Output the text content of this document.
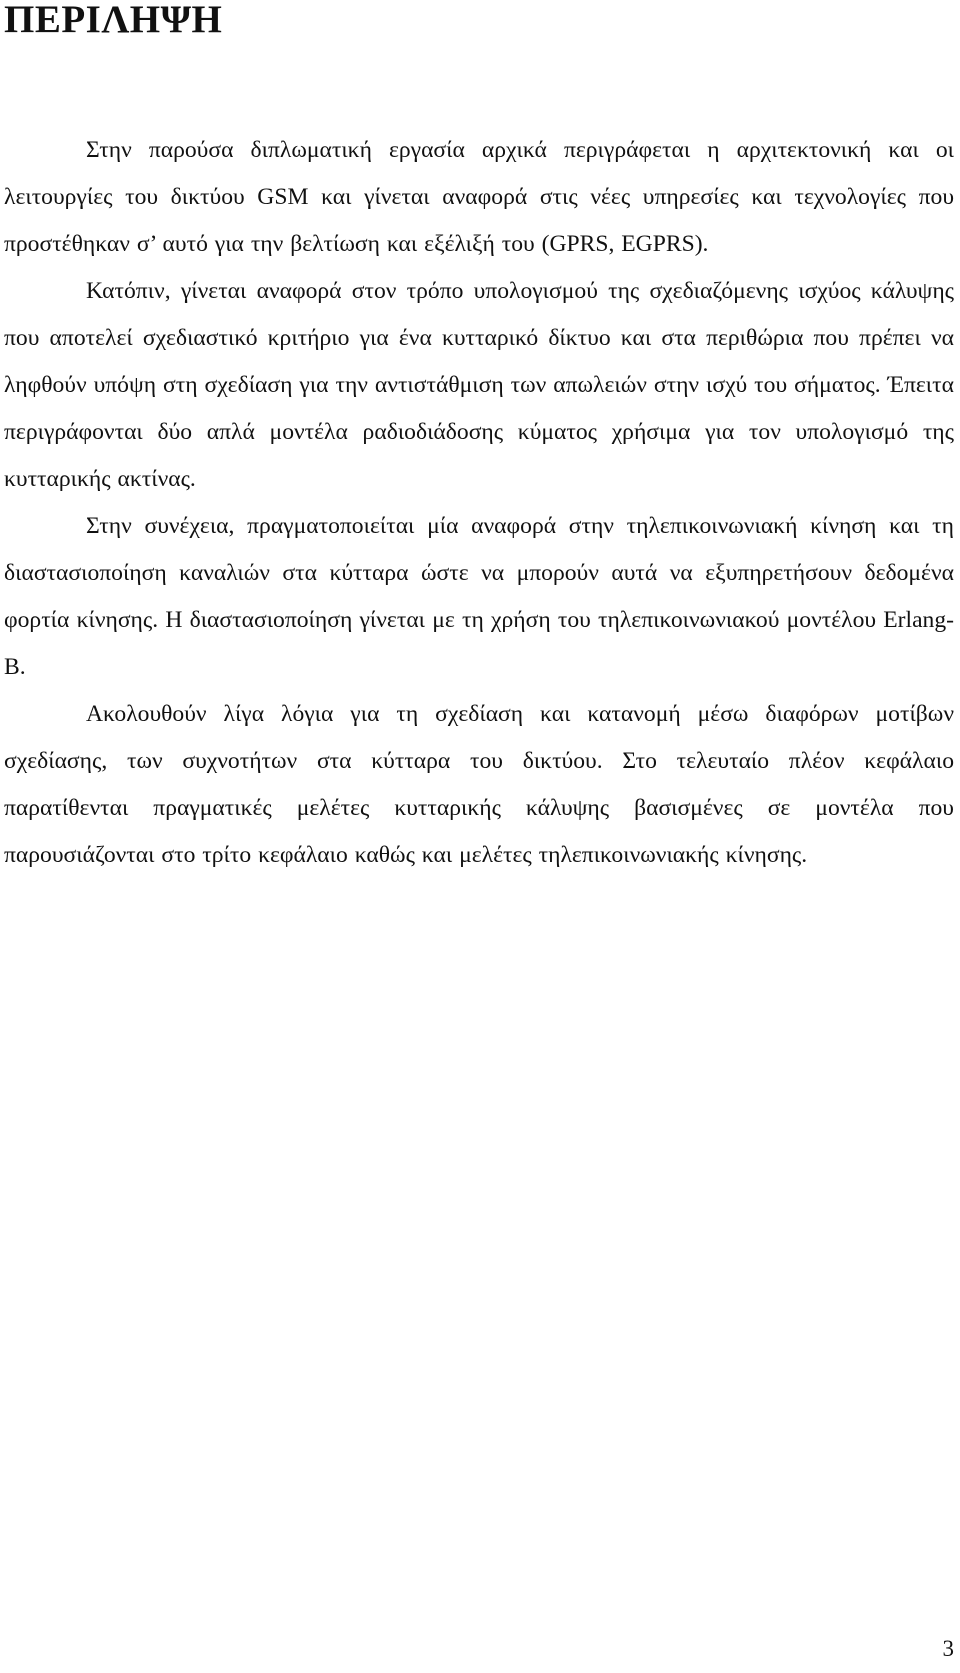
ΠΕΡΙΛΗΨΗ

Στην παρούσα διπλωματική εργασία αρχικά περιγράφεται η αρχιτεκτονική και οι λειτουργίες του δικτύου GSM και γίνεται αναφορά στις νέες υπηρεσίες και τεχνολογίες που προστέθηκαν σ’ αυτό για την βελτίωση και εξέλιξή του (GPRS, EGPRS).

Κατόπιν, γίνεται αναφορά στον τρόπο υπολογισμού της σχεδιαζόμενης ισχύος κάλυψης που αποτελεί σχεδιαστικό κριτήριο για ένα κυτταρικό δίκτυο και στα περιθώρια που πρέπει να ληφθούν υπόψη στη σχεδίαση για την αντιστάθμιση των απωλειών στην ισχύ του σήματος. Έπειτα περιγράφονται δύο απλά μοντέλα ραδιοδιάδοσης κύματος χρήσιμα για τον υπολογισμό της κυτταρικής ακτίνας.

Στην συνέχεια, πραγματοποιείται μία αναφορά στην τηλεπικοινωνιακή κίνηση και τη διαστασιοποίηση καναλιών στα κύτταρα ώστε να μπορούν αυτά να εξυπηρετήσουν δεδομένα φορτία κίνησης. Η διαστασιοποίηση γίνεται με τη χρήση του τηλεπικοινωνιακού μοντέλου Erlang-B.

Ακολουθούν λίγα λόγια για τη σχεδίαση και κατανομή μέσω διαφόρων μοτίβων σχεδίασης, των συχνοτήτων στα κύτταρα του δικτύου. Στο τελευταίο πλέον κεφάλαιο παρατίθενται πραγματικές μελέτες κυτταρικής κάλυψης βασισμένες σε μοντέλα που παρουσιάζονται στο τρίτο κεφάλαιο καθώς και μελέτες τηλεπικοινωνιακής κίνησης.

3
